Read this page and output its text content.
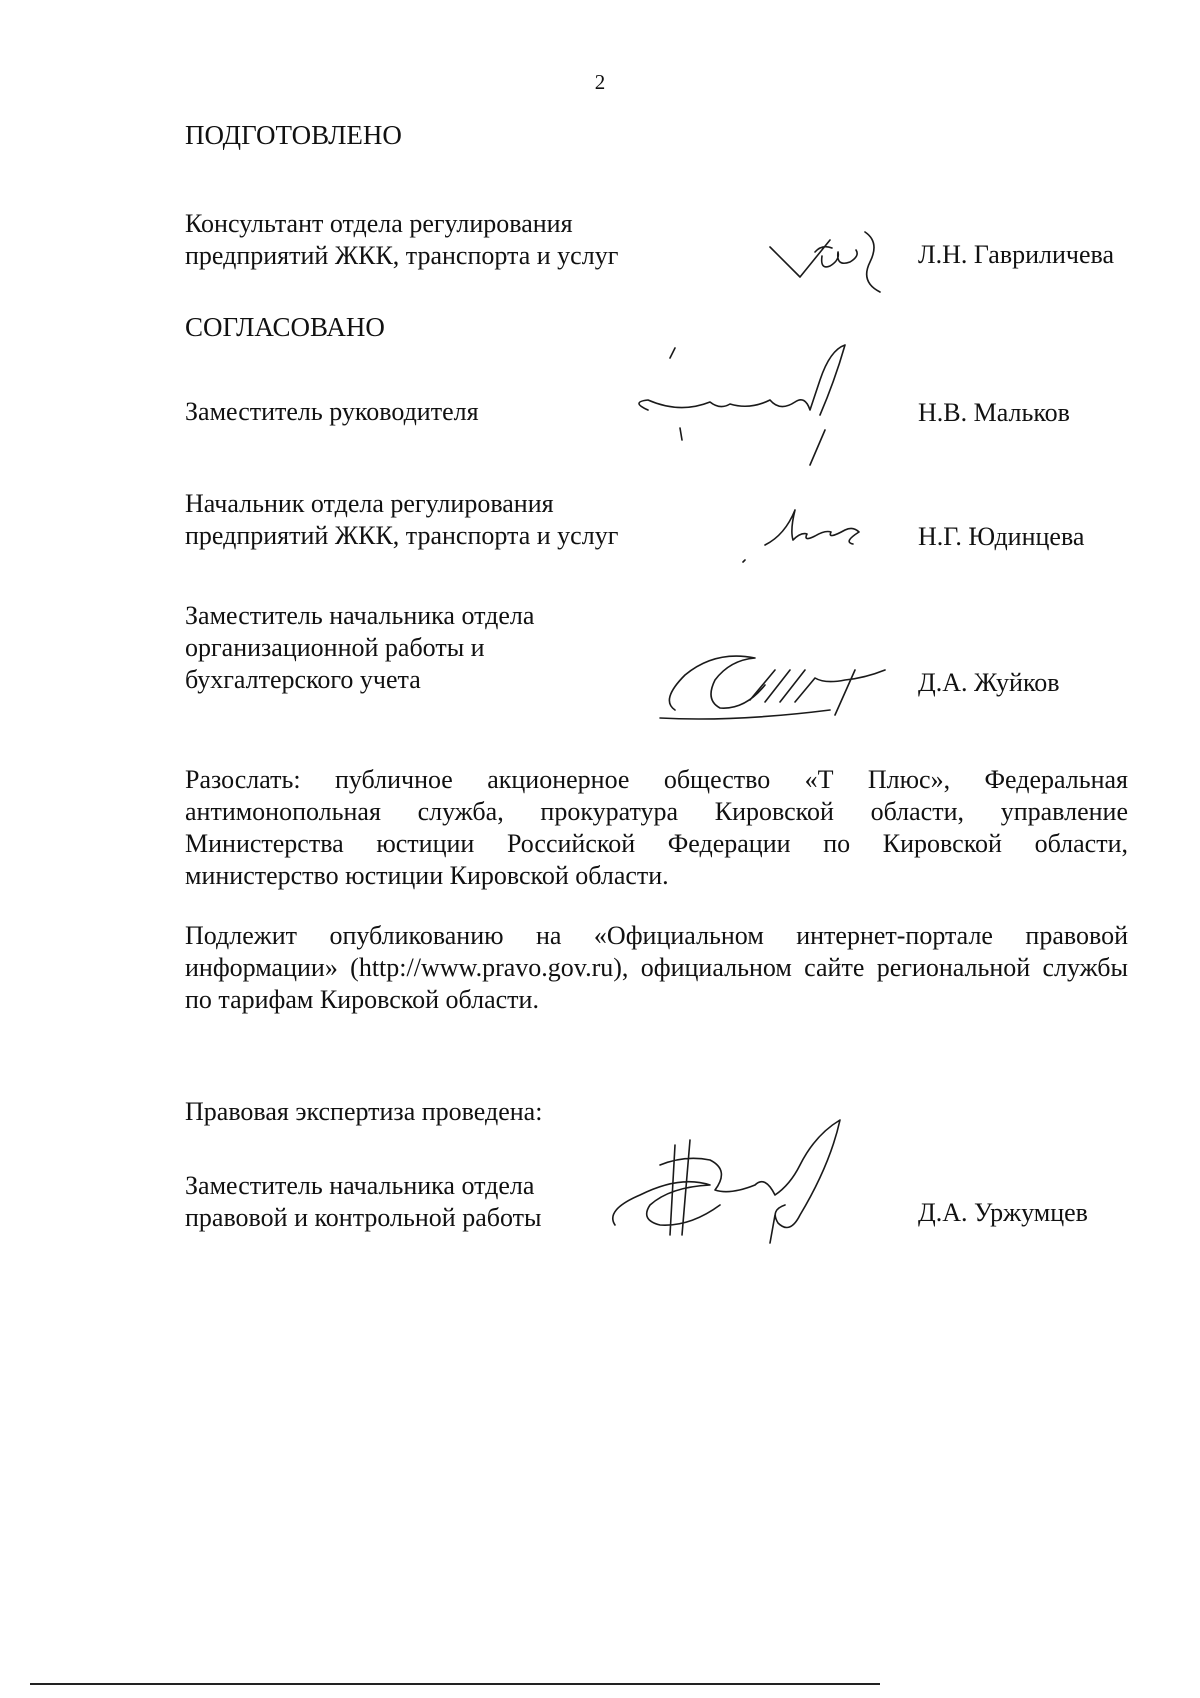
2
ПОДГОТОВЛЕНО
Консультант отдела регулирования
предприятий ЖКК, транспорта и услуг	Л.Н. Гавриличева
СОГЛАСОВАНО
Заместитель руководителя	Н.В. Мальков
Начальник отдела регулирования
предприятий ЖКК, транспорта и услуг	Н.Г. Юдинцева
Заместитель начальника отдела
организационной работы и
бухгалтерского учета	Д.А. Жуйков
Разослать: публичное акционерное общество «Т Плюс», Федеральная антимонопольная служба, прокуратура Кировской области, управление Министерства юстиции Российской Федерации по Кировской области, министерство юстиции Кировской области.
Подлежит опубликованию на «Официальном интернет-портале правовой информации» (http://www.pravo.gov.ru), официальном сайте региональной службы по тарифам Кировской области.
Правовая экспертиза проведена:
Заместитель начальника отдела
правовой и контрольной работы	Д.А. Уржумцев
